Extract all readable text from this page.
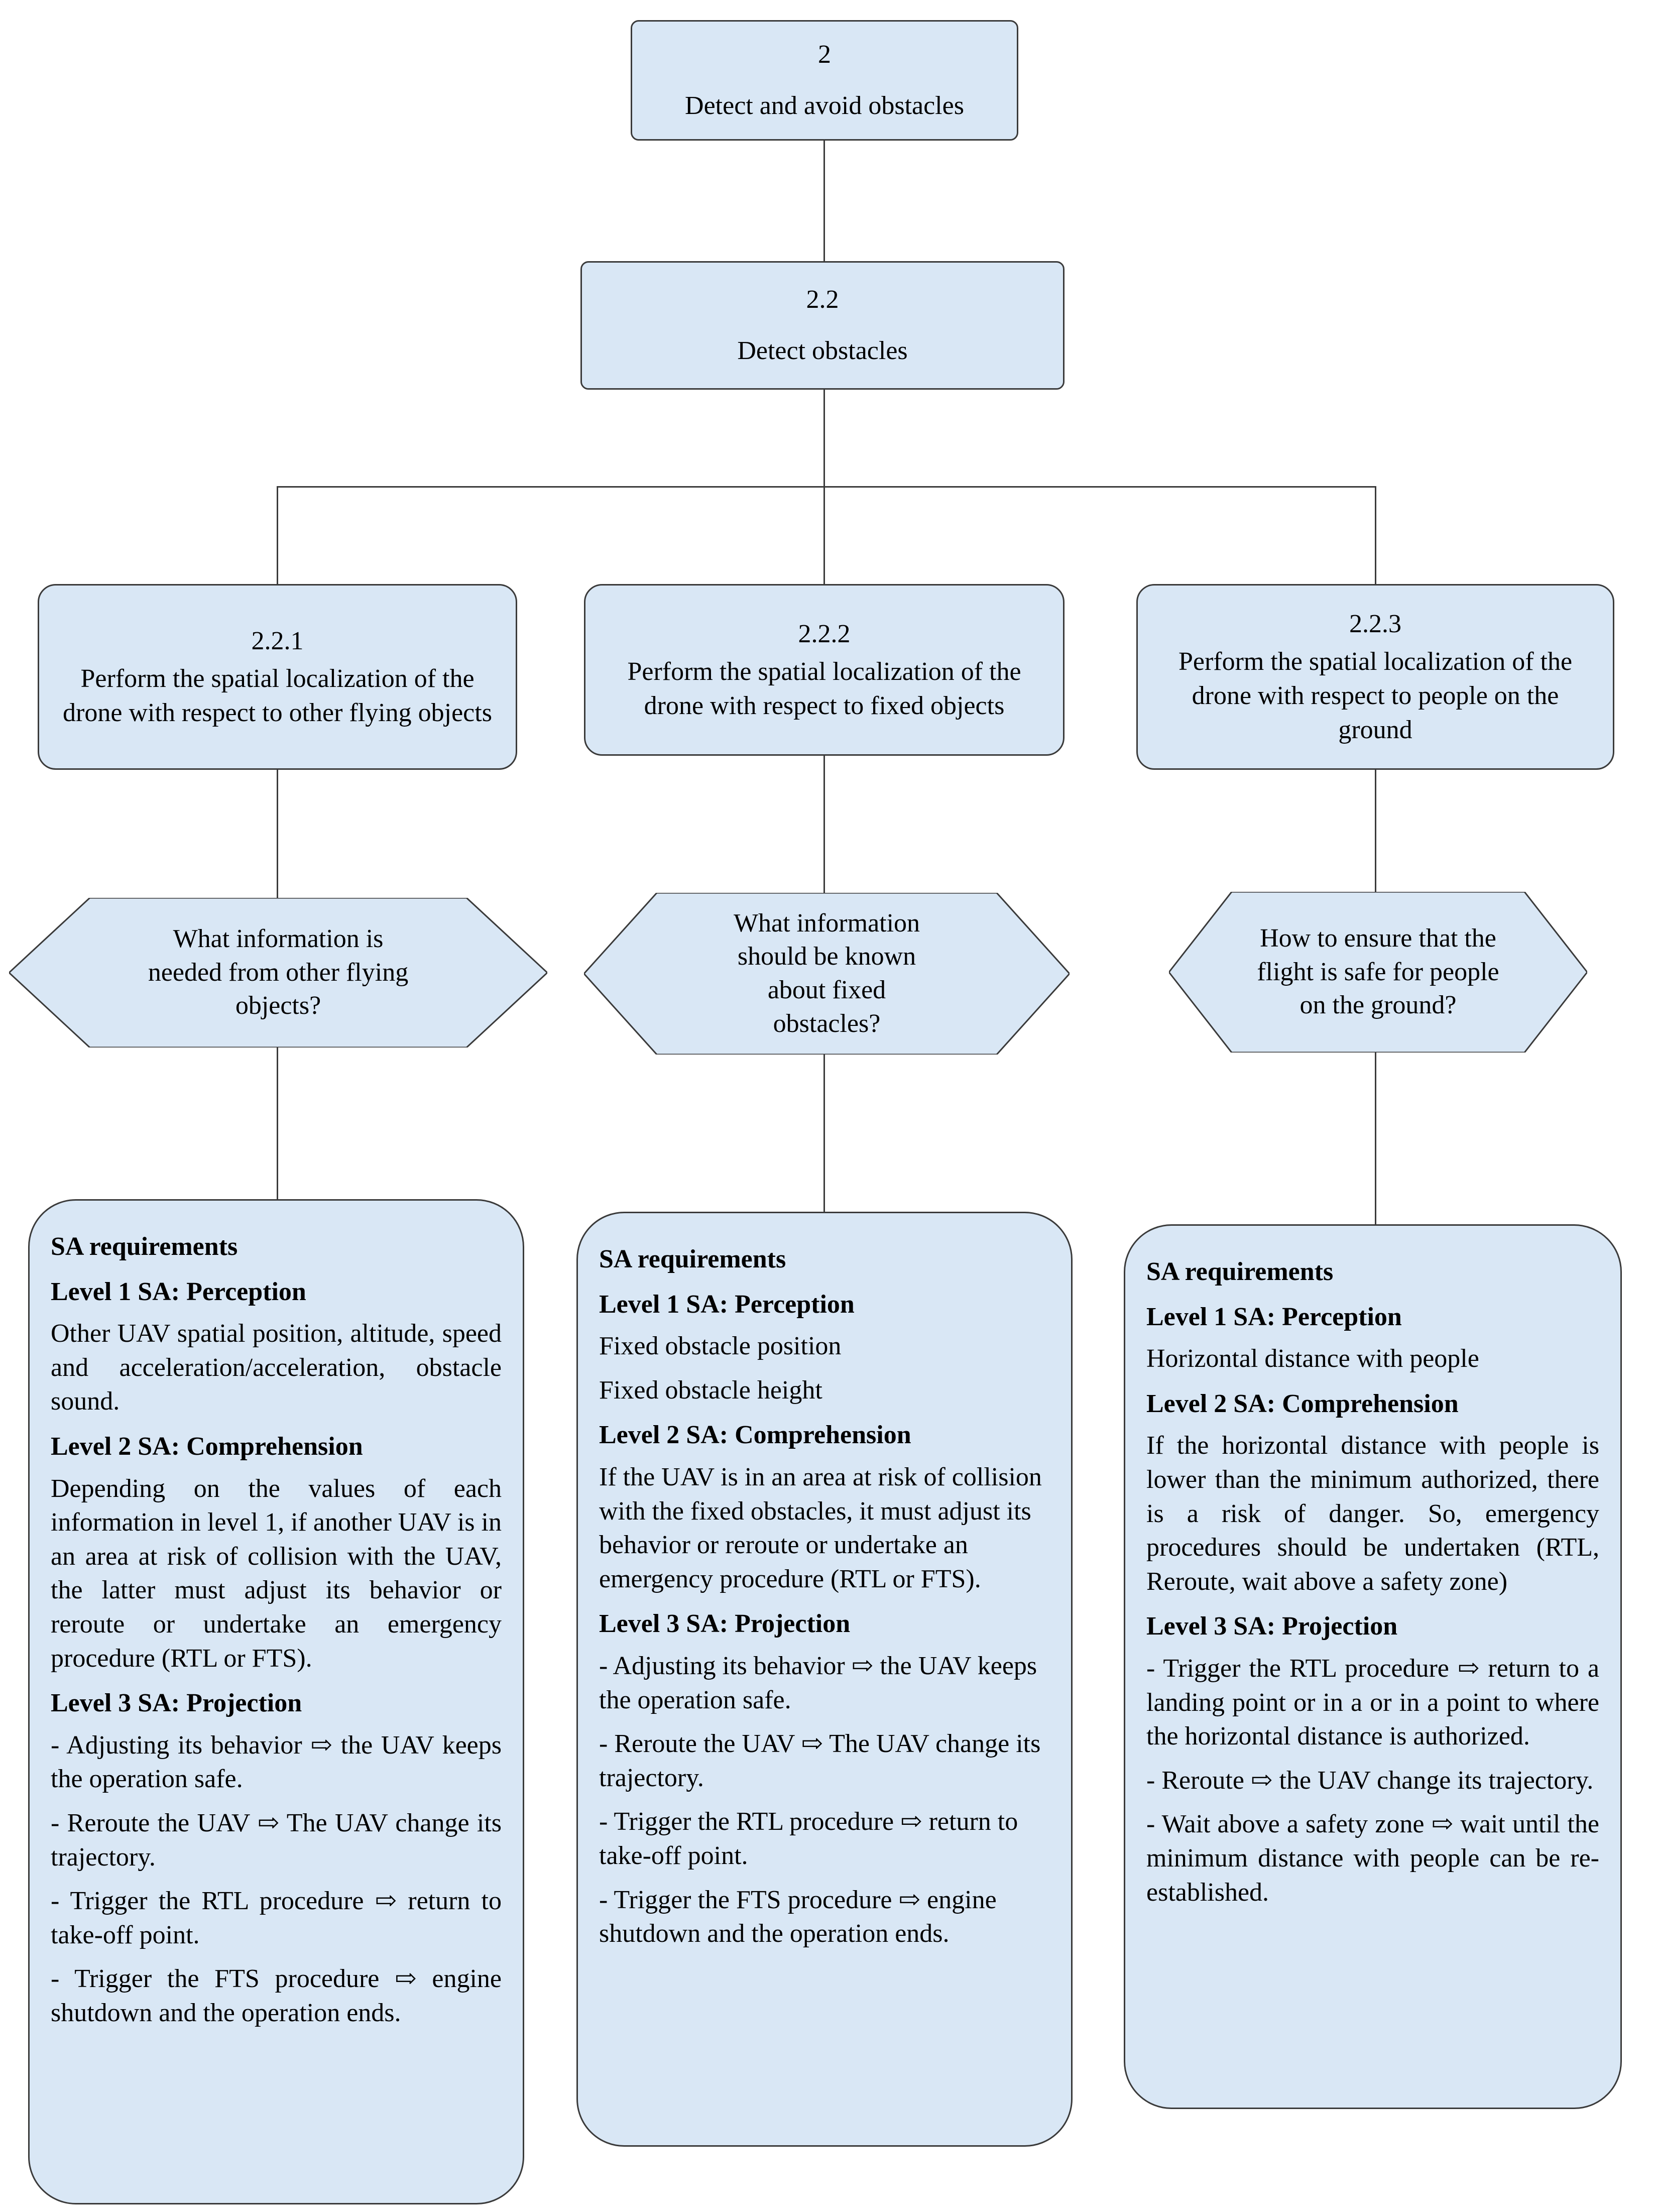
2
Detect and avoid obstacles
2.2
Detect obstacles
2.2.1
Perform the spatial localization of the drone with respect to other flying objects
2.2.2
Perform the spatial localization of the drone with respect to fixed objects
2.2.3
Perform the spatial localization of the drone with respect to people on the ground
What information is needed from other flying objects?
What information should be known about fixed obstacles?
How to ensure that the flight is safe for people on the ground?
SA requirements
Level 1 SA: Perception

Other UAV spatial position, altitude, speed and acceleration/acceleration, obstacle sound.

Level 2 SA: Comprehension

Depending on the values of each information in level 1, if another UAV is in an area at risk of collision with the UAV, the latter must adjust its behavior or reroute or undertake an emergency procedure (RTL or FTS).

Level 3 SA: Projection

- Adjusting its behavior ⇨ the UAV keeps the operation safe.

- Reroute the UAV ⇨ The UAV change its trajectory.

- Trigger the RTL procedure ⇨ return to take-off point.

- Trigger the FTS procedure ⇨ engine shutdown and the operation ends.

SA requirements
Level 1 SA: Perception

Fixed obstacle position

Fixed obstacle height

Level 2 SA: Comprehension

If the UAV is in an area at risk of collision with the fixed obstacles, it must adjust its behavior or reroute or undertake an emergency procedure (RTL or FTS).

Level 3 SA: Projection

- Adjusting its behavior ⇨ the UAV keeps the operation safe.

- Reroute the UAV ⇨ The UAV change its trajectory.

- Trigger the RTL procedure ⇨ return to take-off point.

- Trigger the FTS procedure ⇨ engine shutdown and the operation ends.

SA requirements
Level 1 SA: Perception

Horizontal distance with people

Level 2 SA: Comprehension

If the horizontal distance with people is lower than the minimum authorized, there is a risk of danger. So, emergency procedures should be undertaken (RTL, Reroute, wait above a safety zone)

Level 3 SA: Projection

- Trigger the RTL procedure ⇨ return to a landing point or in a or in a point to where the horizontal distance is authorized.

- Reroute ⇨ the UAV change its trajectory.

- Wait above a safety zone ⇨ wait until the minimum distance with people can be re-established.
